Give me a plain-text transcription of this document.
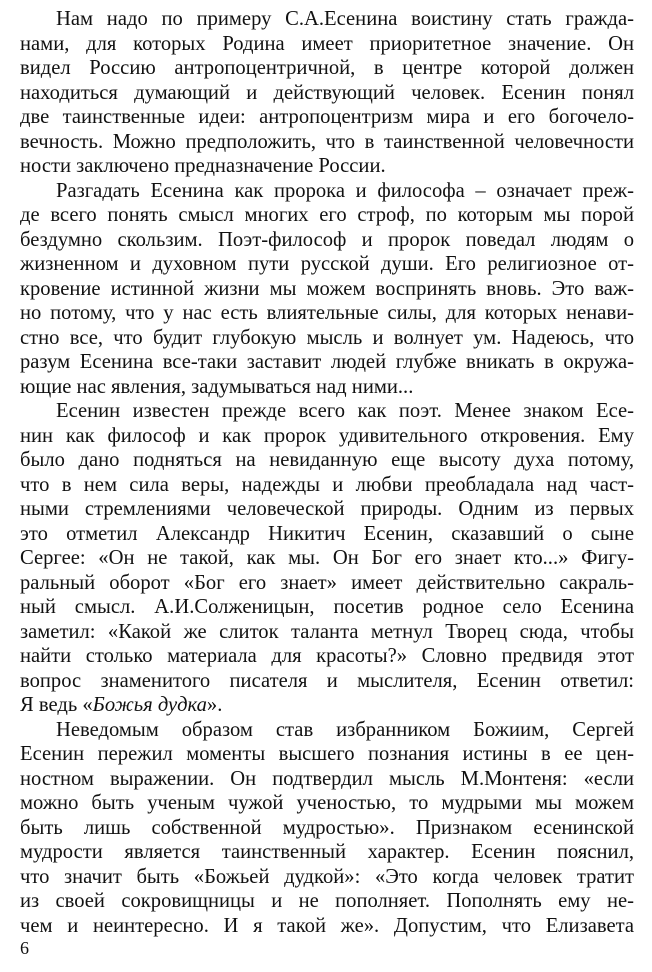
Нам надо по примеру С.А.Есенина воистину стать гражда-
нами, для которых Родина имеет приоритетное значение. Он
видел Россию антропоцентричной, в центре которой должен
находиться думающий и действующий человек. Есенин понял
две таинственные идеи: антропоцентризм мира и его богочело-
вечность. Можно предположить, что в таинственной человечности
ности заключено предназначение России.
Разгадать Есенина как пророка и философа – означает преж-
де всего понять смысл многих его строф, по которым мы порой
бездумно скользим. Поэт-философ и пророк поведал людям о
жизненном и духовном пути русской души. Его религиозное от-
кровение истинной жизни мы можем воспринять вновь. Это важ-
но потому, что у нас есть влиятельные силы, для которых ненави-
стно все, что будит глубокую мысль и волнует ум. Надеюсь, что
разум Есенина все-таки заставит людей глубже вникать в окружа-
ющие нас явления, задумываться над ними...
Есенин известен прежде всего как поэт. Менее знаком Есе-
нин как философ и как пророк удивительного откровения. Ему
было дано подняться на невиданную еще высоту духа потому,
что в нем сила веры, надежды и любви преобладала над част-
ными стремлениями человеческой природы. Одним из первых
это отметил Александр Никитич Есенин, сказавший о сыне
Сергее: «Он не такой, как мы. Он Бог его знает кто...» Фигу-
ральный оборот «Бог его знает» имеет действительно сакраль-
ный смысл. А.И.Солженицын, посетив родное село Есенина
заметил: «Какой же слиток таланта метнул Творец сюда, чтобы
найти столько материала для красоты?» Словно предвидя этот
вопрос знаменитого писателя и мыслителя, Есенин ответил:
Я ведь «Божья дудка».
Неведомым образом став избранником Божиим, Сергей
Есенин пережил моменты высшего познания истины в ее цен-
ностном выражении. Он подтвердил мысль М.Монтеня: «если
можно быть ученым чужой ученостью, то мудрыми мы можем
быть лишь собственной мудростью». Признаком есенинской
мудрости является таинственный характер. Есенин пояснил,
что значит быть «Божьей дудкой»: «Это когда человек тратит
из своей сокровищницы и не пополняет. Пополнять ему не-
чем и неинтересно. И я такой же». Допустим, что Елизавета
6
